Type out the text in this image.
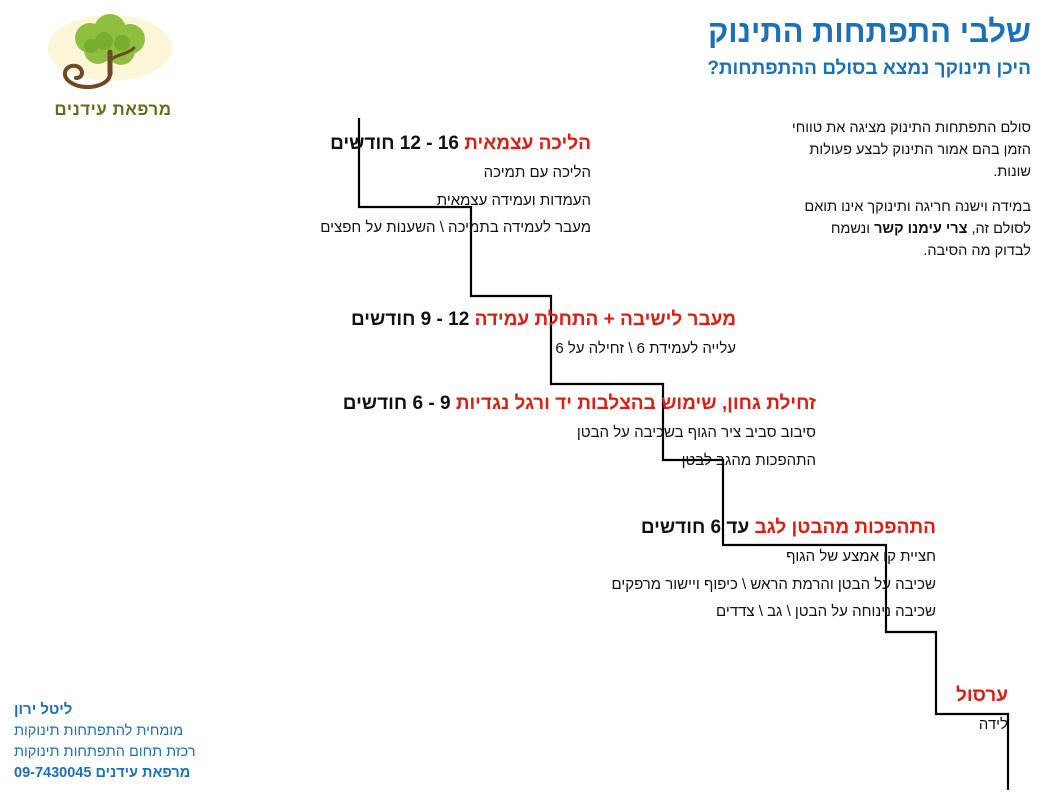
מרפאת עידנים
שלבי התפתחות התינוק
היכן תינוקך נמצא בסולם ההתפתחות?

סולם התפתחות התינוק מציגה את טווחי הזמן בהם אמור התינוק לבצע פעולות שונות.

במידה וישנה חריגה ותינוקך אינו תואם לסולם זה, צרי עימנו קשר ונשמח לבדוק מה הסיבה.

הליכה עצמאית 16 - 12 חודשים
הליכה עם תמיכה
העמדות ועמידה עצמאית
מעבר לעמידה בתמיכה \ השענות על חפצים
מעבר לישיבה + התחלת עמידה 12 - 9 חודשים
עלייה לעמידת 6 \ זחילה על 6
זחילת גחון, שימוש בהצלבות יד ורגל נגדיות 9 - 6 חודשים
סיבוב סביב ציר הגוף בשכיבה על הבטן
התהפכות מהגב לבטן
התהפכות מהבטן לגב עד 6 חודשים
חציית קו אמצע של הגוף
שכיבה על הבטן והרמת הראש \ כיפוף ויישור מרפקים
שכיבה נינוחה על הבטן \ גב \ צדדים
ערסול
לידה
ליטל ירון
מומחית להתפתחות תינוקות
רכזת תחום התפתחות תינוקות
מרפאת עידנים 09-7430045
